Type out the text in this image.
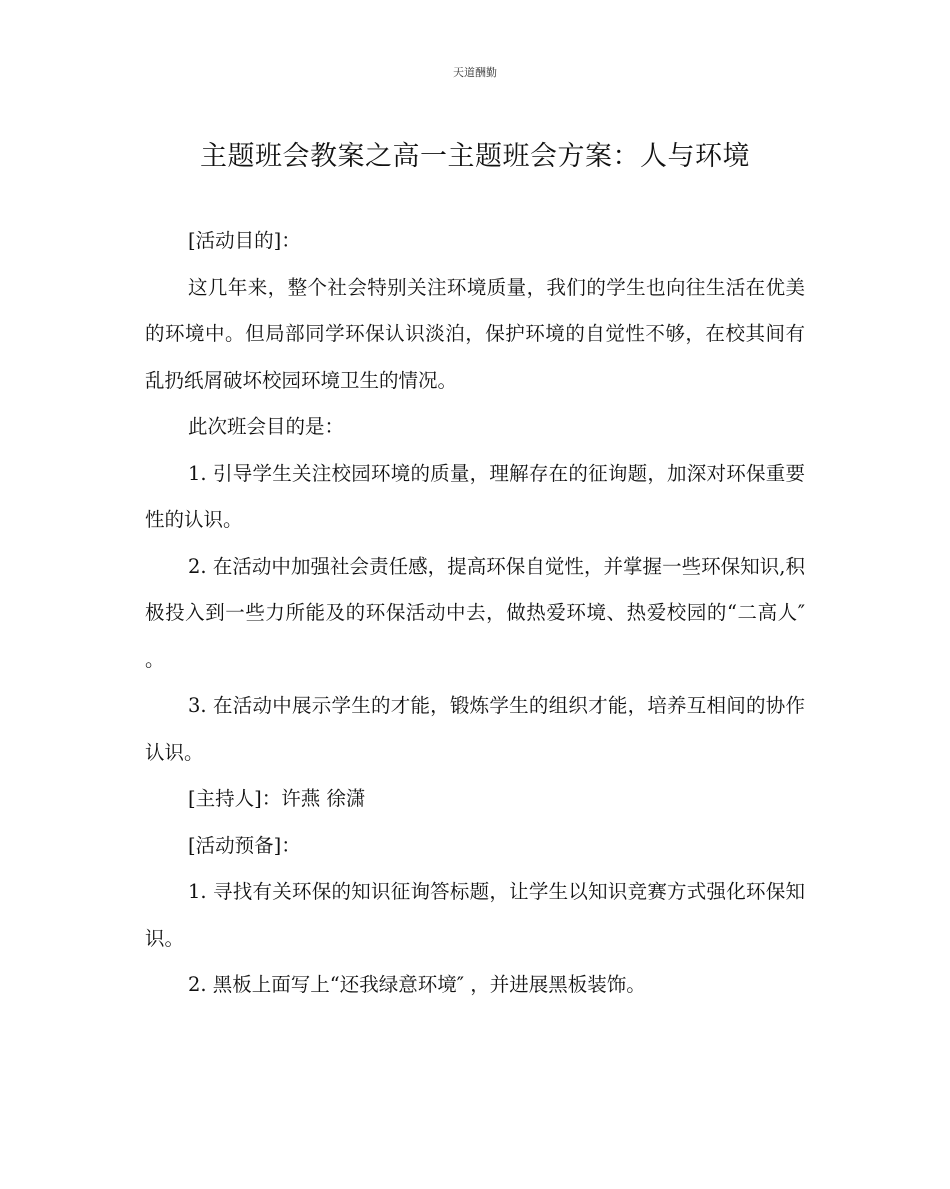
天道酬勤
主题班会教案之高一主题班会方案：人与环境

[活动目的]：

这几年来，整个社会特别关注环境质量，我们的学生也向往生活在优美的环境中。但局部同学环保认识淡泊，保护环境的自觉性不够，在校其间有乱扔纸屑破坏校园环境卫生的情况。

此次班会目的是：

1. 引导学生关注校园环境的质量，理解存在的征询题，加深对环保重要性的认识。

2. 在活动中加强社会责任感，提高环保自觉性，并掌握一些环保知识,积极投入到一些力所能及的环保活动中去，做热爱环境、热爱校园的“二高人″ 。

3. 在活动中展示学生的才能，锻炼学生的组织才能，培养互相间的协作认识。

[主持人]：许燕 徐潇

[活动预备]：

1. 寻找有关环保的知识征询答标题，让学生以知识竞赛方式强化环保知识。

2. 黑板上面写上“还我绿意环境″ ，并进展黑板装饰。
